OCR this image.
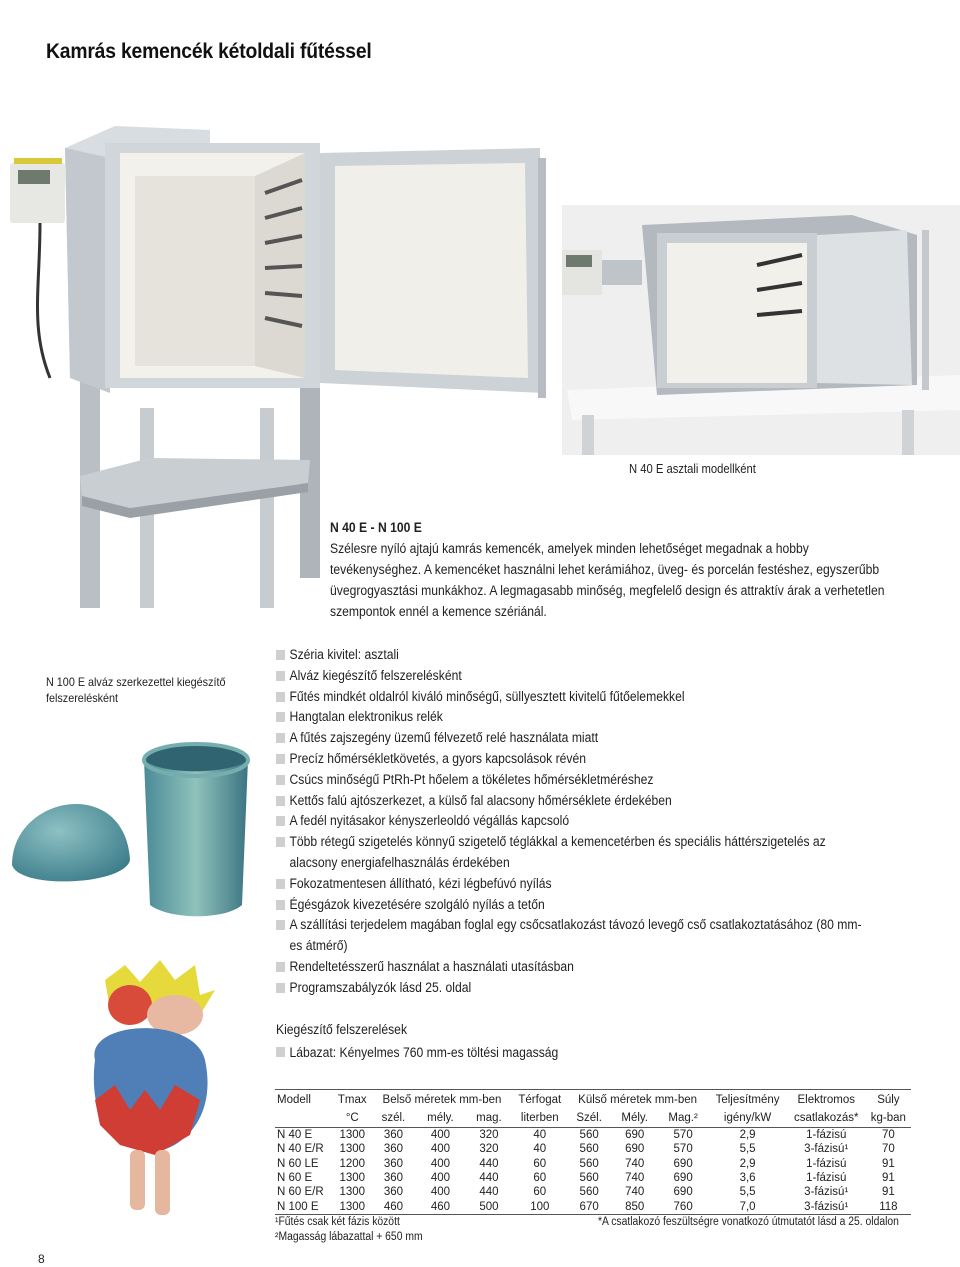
Kamrás kemencék kétoldali fűtéssel
N 40 E asztali modellként
N 40 E - N 100 E
Szélesre nyíló ajtajú kamrás kemencék, amelyek minden lehetőséget megadnak a hobby tevékenységhez. A kemencéket használni lehet kerámiához, üveg- és porcelán festéshez, egyszerűbb üvegrogyasztási munkákhoz. A legmagasabb minőség, megfelelő design és attraktív árak a verhetetlen szempontok ennél a kemence szériánál.
N 100 E alváz szerkezettel kiegészítő felszerelésként
Széria kivitel: asztali
Alváz kiegészítő felszerelésként
Fűtés mindkét oldalról kiváló minőségű, süllyesztett kivitelű fűtőelemekkel
Hangtalan elektronikus relék
A fűtés zajszegény üzemű félvezető relé használata miatt
Precíz hőmérsékletkövetés, a gyors kapcsolások révén
Csúcs minőségű PtRh-Pt hőelem a tökéletes hőmérsékletméréshez
Kettős falú ajtószerkezet, a külső fal alacsony hőmérséklete érdekében
A fedél nyitásakor kényszerleoldó végállás kapcsoló
Több rétegű szigetelés könnyű szigetelő téglákkal a kemencetérben és speciális háttérszigetelés az alacsony energiafelhasználás érdekében
Fokozatmentesen állítható, kézi légbefúvó nyílás
Égésgázok kivezetésére szolgáló nyílás a tetőn
A szállítási terjedelem magában foglal egy csőcsatlakozást távozó levegő cső csatlakoztatásához (80 mm-es átmérő)
Rendeltetésszerű használat a használati utasításban
Programszabályzók lásd 25. oldal
Kiegészítő felszerelések
Lábazat: Kényelmes 760 mm-es töltési magasság
Modell	Tmax	Belső méretek mm-ben			Térfogat	Külső méretek mm-ben			Teljesítmény	Elektromos	Súly
	°C	szél.	mély.	mag.	literben	Szél.	Mély.	Mag.²	igény/kW	csatlakozás*	kg-ban
N 40 E	1300	360	400	320	40	560	690	570	2,9	1-fázisú	70
N 40 E/R	1300	360	400	320	40	560	690	570	5,5	3-fázisú¹	70
N 60 LE	1200	360	400	440	60	560	740	690	2,9	1-fázisú	91
N 60 E	1300	360	400	440	60	560	740	690	3,6	1-fázisú	91
N 60 E/R	1300	360	400	440	60	560	740	690	5,5	3-fázisú¹	91
N 100 E	1300	460	460	500	100	670	850	760	7,0	3-fázisú¹	118
¹Fűtés csak két fázis között
²Magasság lábazattal + 650 mm
*A csatlakozó feszültségre vonatkozó útmutatót lásd a 25. oldalon
8
